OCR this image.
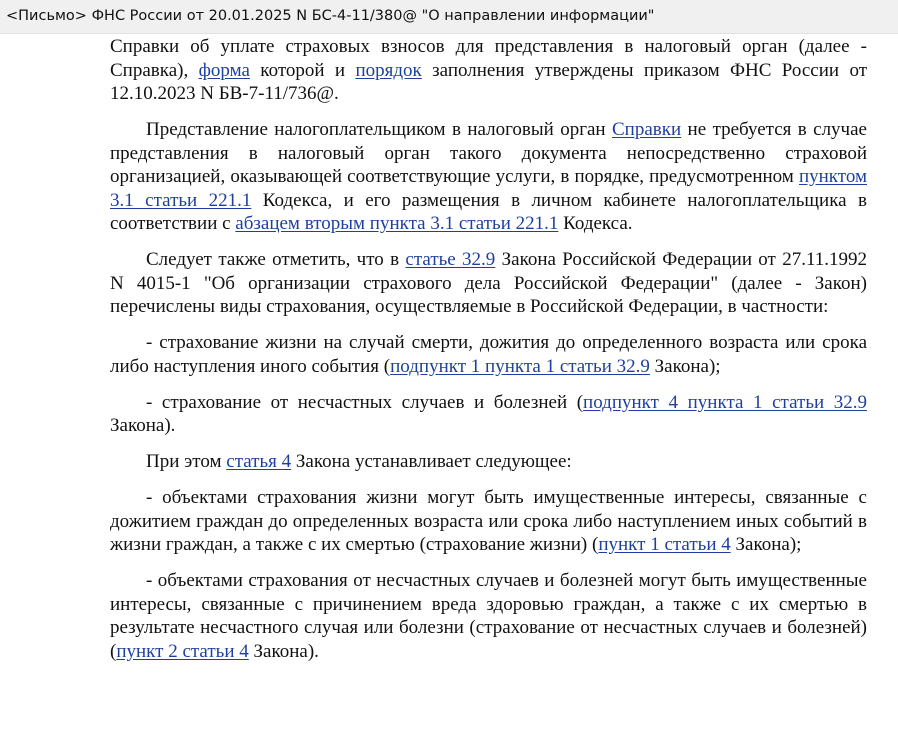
<Письмо> ФНС России от 20.01.2025 N БС-4-11/380@ "О направлении информации"

Справки об уплате страховых взносов для представления в налоговый орган (далее - Справка), форма которой и порядок заполнения утверждены приказом ФНС России от 12.10.2023 N БВ-7-11/736@.

Представление налогоплательщиком в налоговый орган Справки не требуется в случае представления в налоговый орган такого документа непосредственно страховой организацией, оказывающей соответствующие услуги, в порядке, предусмотренном пунктом 3.1 статьи 221.1 Кодекса, и его размещения в личном кабинете налогоплательщика в соответствии с абзацем вторым пункта 3.1 статьи 221.1 Кодекса.

Следует также отметить, что в статье 32.9 Закона Российской Федерации от 27.11.1992 N 4015-1 "Об организации страхового дела Российской Федерации" (далее - Закон) перечислены виды страхования, осуществляемые в Российской Федерации, в частности:

- страхование жизни на случай смерти, дожития до определенного возраста или срока либо наступления иного события (подпункт 1 пункта 1 статьи 32.9 Закона);

- страхование от несчастных случаев и болезней (подпункт 4 пункта 1 статьи 32.9 Закона).

При этом статья 4 Закона устанавливает следующее:

- объектами страхования жизни могут быть имущественные интересы, связанные с дожитием граждан до определенных возраста или срока либо наступлением иных событий в жизни граждан, а также с их смертью (страхование жизни) (пункт 1 статьи 4 Закона);

- объектами страхования от несчастных случаев и болезней могут быть имущественные интересы, связанные с причинением вреда здоровью граждан, а также с их смертью в результате несчастного случая или болезни (страхование от несчастных случаев и болезней) (пункт 2 статьи 4 Закона).
